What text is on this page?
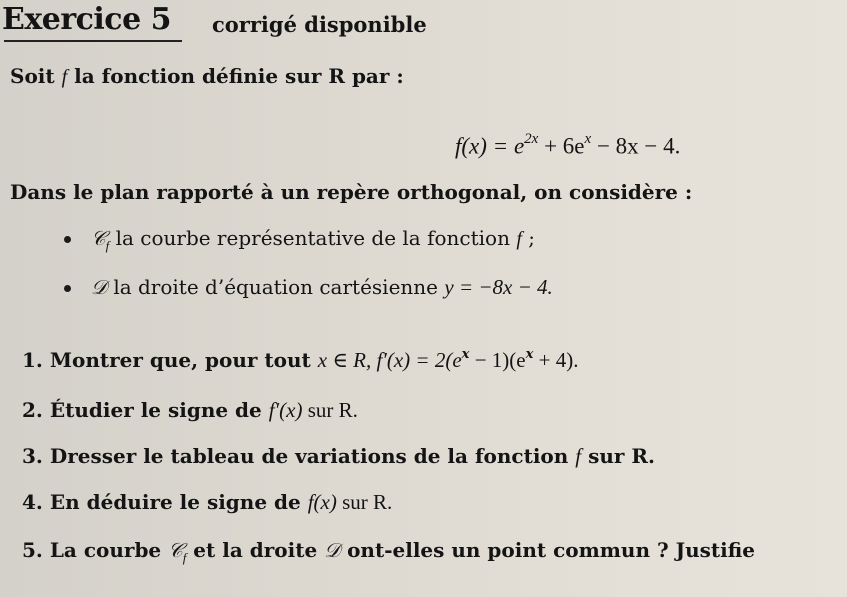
Exercice 5 corrigé disponible
Soit f la fonction définie sur R par :
$f(x) = e^{2x} + 6e^x - 8x - 4$.
Dans le plan rapporté à un repère orthogonal, on considère :
𝒞$_f$ la courbe représentative de la fonction f ;
𝒟 la droite d’équation cartésienne y = −8x − 4.
1. Montrer que, pour tout x ∈ R, $f'(x) = 2(e^x - 1)(e^x + 4)$.
2. Étudier le signe de f′(x) sur R.
3. Dresser le tableau de variations de la fonction f sur R.
4. En déduire le signe de f(x) sur R.
5. La courbe 𝒞$_f$ et la droite 𝒟 ont-elles un point commun ? Justifie
